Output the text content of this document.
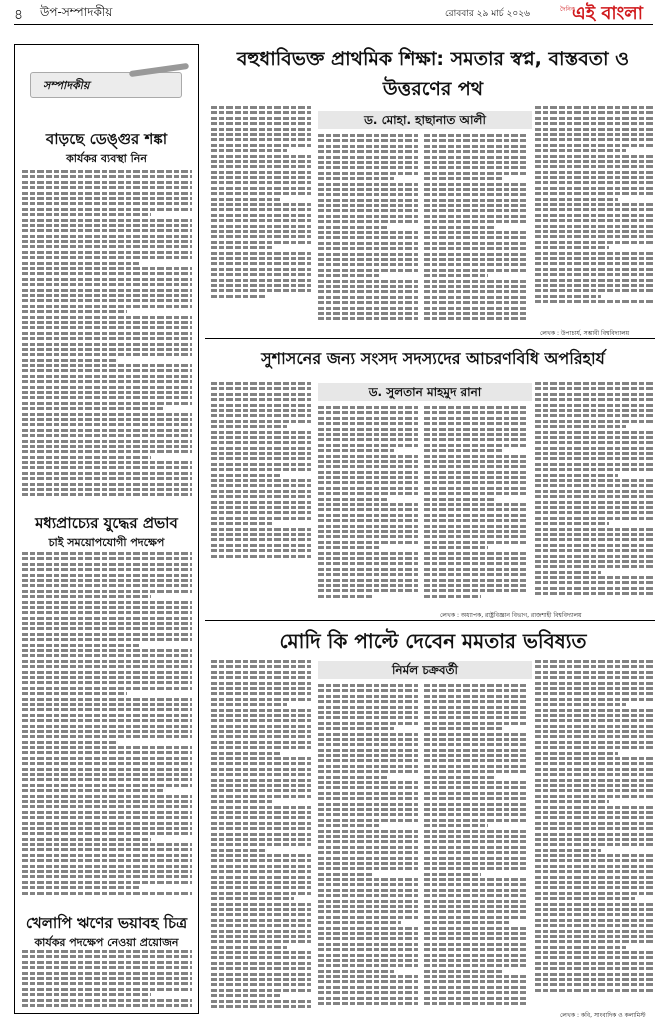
৪ উপ-সম্পাদকীয়	রোববার ২৯ মার্চ ২০২৬	দৈনিক
এই বাংলা
সম্পাদকীয়
বাড়ছে ডেঙ্গুর শঙ্কা
কার্যকর ব্যবস্থা নিন
মধ্যপ্রাচ্যের যুদ্ধের প্রভাব
চাই সময়োপযোগী পদক্ষেপ
খেলাপি ঋণের ভয়াবহ চিত্র
কার্যকর পদক্ষেপ নেওয়া প্রয়োজন
বহুধাবিভক্ত প্রাথমিক শিক্ষা: সমতার স্বপ্ন, বাস্তবতা ও উত্তরণের পথ
ড. মোহা. হাছানাত আলী
লেখক : উপাচার্য, সম্ভাবী বিশ্ববিদ্যালয়
সুশাসনের জন্য সংসদ সদস্যদের আচরণবিধি অপরিহার্য
ড. সুলতান মাহমুদ রানা
লেখক : অধ্যাপক, রাষ্ট্রবিজ্ঞান বিভাগ, রাজশাহী বিশ্ববিদ্যালয়
মোদি কি পাল্টে দেবেন মমতার ভবিষ্যত
নির্মল চক্রবর্তী
লেখক : কবি, সাংবাদিক ও কলামিস্ট
